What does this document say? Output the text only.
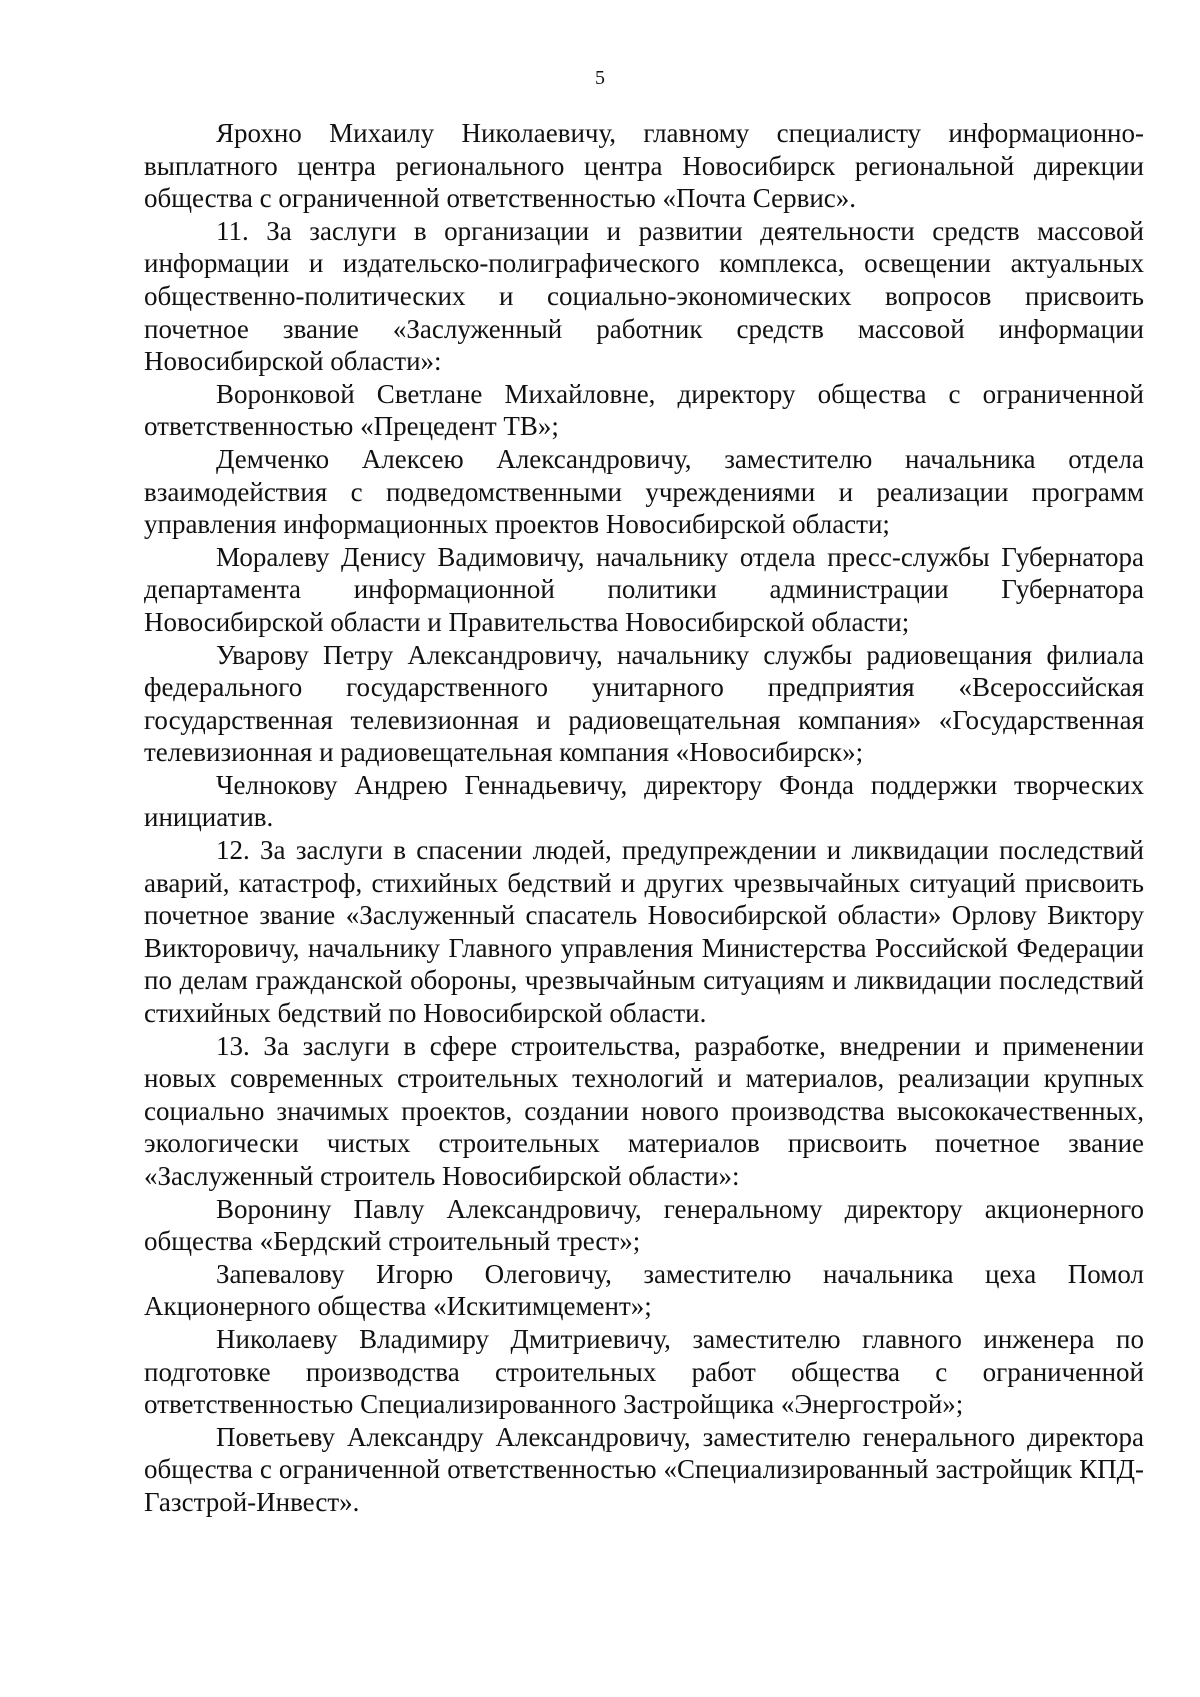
5

Ярохно Михаилу Николаевичу, главному специалисту информационно-выплатного центра регионального центра Новосибирск региональной дирекции общества с ограниченной ответственностью «Почта Сервис».

11. За заслуги в организации и развитии деятельности средств массовой информации и издательско-полиграфического комплекса, освещении актуальных общественно-политических и социально-экономических вопросов присвоить почетное звание «Заслуженный работник средств массовой информации Новосибирской области»:

Воронковой Светлане Михайловне, директору общества с ограниченной ответственностью «Прецедент ТВ»;

Демченко Алексею Александровичу, заместителю начальника отдела взаимодействия с подведомственными учреждениями и реализации программ управления информационных проектов Новосибирской области;

Моралеву Денису Вадимовичу, начальнику отдела пресс-службы Губернатора департамента информационной политики администрации Губернатора Новосибирской области и Правительства Новосибирской области;

Уварову Петру Александровичу, начальнику службы радиовещания филиала федерального государственного унитарного предприятия «Всероссийская государственная телевизионная и радиовещательная компания» «Государственная телевизионная и радиовещательная компания «Новосибирск»;

Челнокову Андрею Геннадьевичу, директору Фонда поддержки творческих инициатив.

12. За заслуги в спасении людей, предупреждении и ликвидации последствий аварий, катастроф, стихийных бедствий и других чрезвычайных ситуаций присвоить почетное звание «Заслуженный спасатель Новосибирской области» Орлову Виктору Викторовичу, начальнику Главного управления Министерства Российской Федерации по делам гражданской обороны, чрезвычайным ситуациям и ликвидации последствий стихийных бедствий по Новосибирской области.

13. За заслуги в сфере строительства, разработке, внедрении и применении новых современных строительных технологий и материалов, реализации крупных социально значимых проектов, создании нового производства высококачественных, экологически чистых строительных материалов присвоить почетное звание «Заслуженный строитель Новосибирской области»:

Воронину Павлу Александровичу, генеральному директору акционерного общества «Бердский строительный трест»;

Запевалову Игорю Олеговичу, заместителю начальника цеха Помол Акционерного общества «Искитимцемент»;

Николаеву Владимиру Дмитриевичу, заместителю главного инженера по подготовке производства строительных работ общества с ограниченной ответственностью Специализированного Застройщика «Энергострой»;

Поветьеву Александру Александровичу, заместителю генерального директора общества с ограниченной ответственностью «Специализированный застройщик КПД-Газстрой-Инвест».
